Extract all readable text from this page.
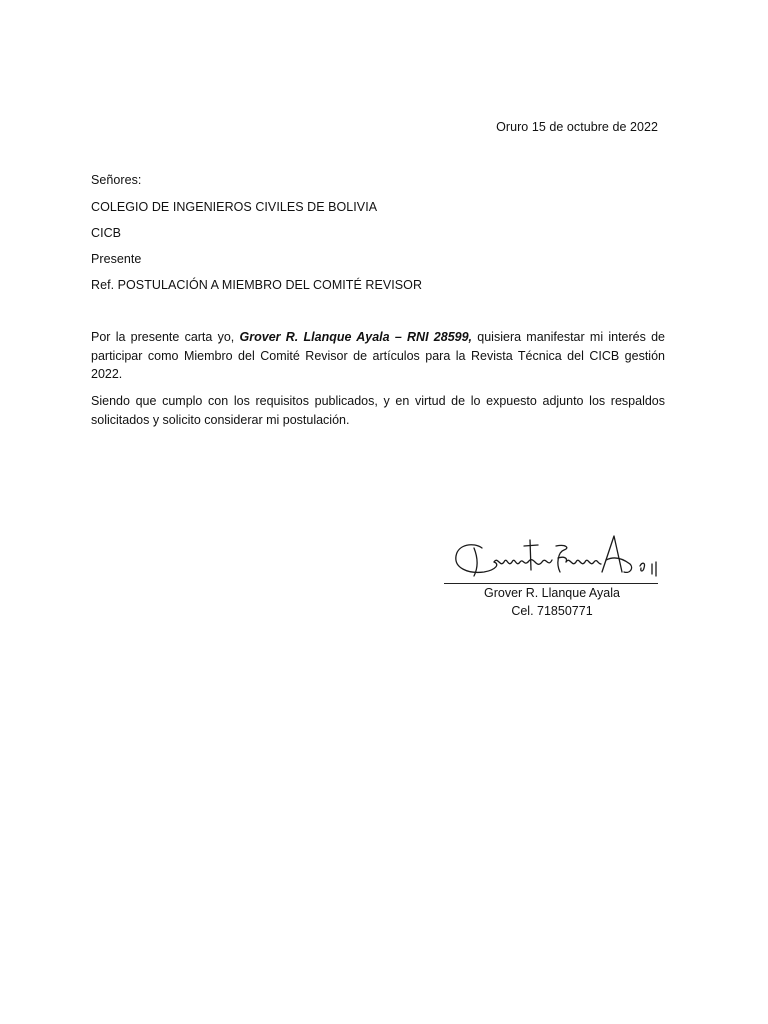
Oruro 15 de octubre de 2022
Señores:
COLEGIO DE INGENIEROS CIVILES DE BOLIVIA
CICB
Presente
Ref. POSTULACIÓN A MIEMBRO DEL COMITÉ REVISOR
Por la presente carta yo, Grover R. Llanque Ayala – RNI 28599, quisiera manifestar mi interés de participar como Miembro del Comité Revisor de artículos para la Revista Técnica del CICB gestión 2022.
Siendo que cumplo con los requisitos publicados, y en virtud de lo expuesto adjunto los respaldos solicitados y solicito considerar mi postulación.
Grover R. Llanque Ayala
Cel. 71850771
